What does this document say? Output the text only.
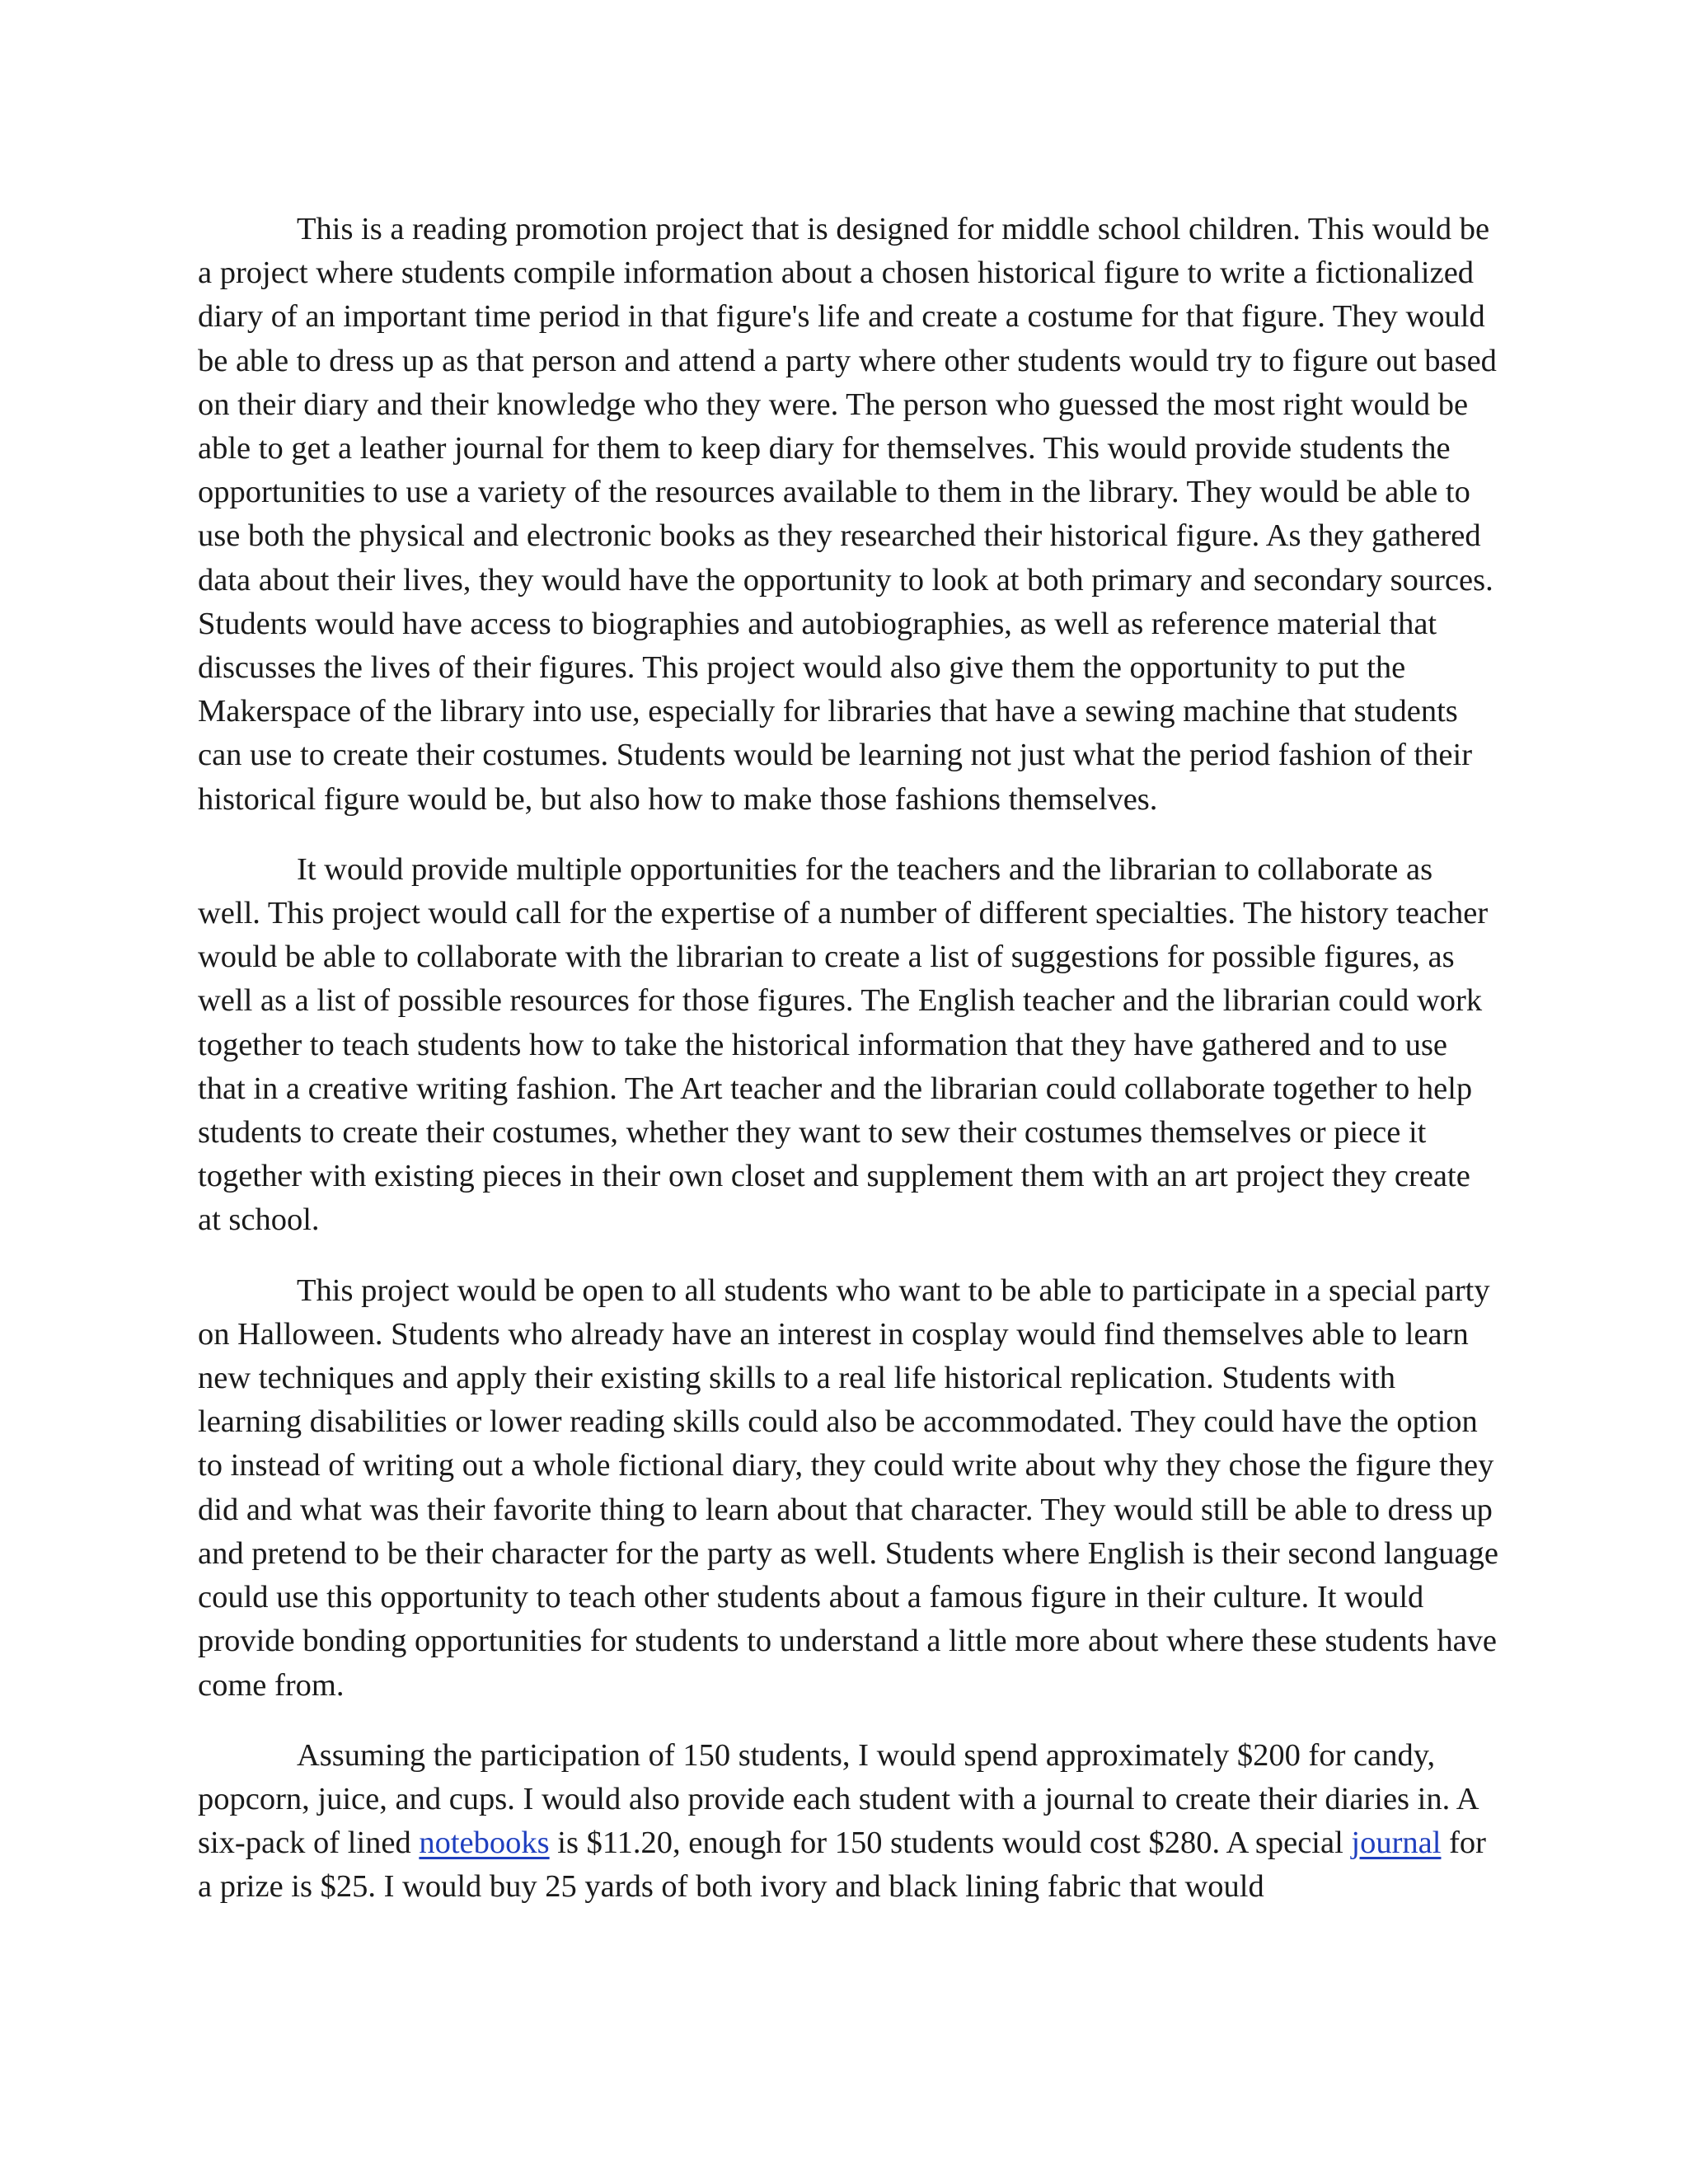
This is a reading promotion project that is designed for middle school children. This would be a project where students compile information about a chosen historical figure to write a fictionalized diary of an important time period in that figure's life and create a costume for that figure. They would be able to dress up as that person and attend a party where other students would try to figure out based on their diary and their knowledge who they were. The person who guessed the most right would be able to get a leather journal for them to keep diary for themselves. This would provide students the opportunities to use a variety of the resources available to them in the library. They would be able to use both the physical and electronic books as they researched their historical figure. As they gathered data about their lives, they would have the opportunity to look at both primary and secondary sources. Students would have access to biographies and autobiographies, as well as reference material that discusses the lives of their figures. This project would also give them the opportunity to put the Makerspace of the library into use, especially for libraries that have a sewing machine that students can use to create their costumes. Students would be learning not just what the period fashion of their historical figure would be, but also how to make those fashions themselves.

It would provide multiple opportunities for the teachers and the librarian to collaborate as well. This project would call for the expertise of a number of different specialties. The history teacher would be able to collaborate with the librarian to create a list of suggestions for possible figures, as well as a list of possible resources for those figures. The English teacher and the librarian could work together to teach students how to take the historical information that they have gathered and to use that in a creative writing fashion. The Art teacher and the librarian could collaborate together to help students to create their costumes, whether they want to sew their costumes themselves or piece it together with existing pieces in their own closet and supplement them with an art project they create at school.

This project would be open to all students who want to be able to participate in a special party on Halloween. Students who already have an interest in cosplay would find themselves able to learn new techniques and apply their existing skills to a real life historical replication. Students with learning disabilities or lower reading skills could also be accommodated. They could have the option to instead of writing out a whole fictional diary, they could write about why they chose the figure they did and what was their favorite thing to learn about that character. They would still be able to dress up and pretend to be their character for the party as well. Students where English is their second language could use this opportunity to teach other students about a famous figure in their culture. It would provide bonding opportunities for students to understand a little more about where these students have come from.

Assuming the participation of 150 students, I would spend approximately $200 for candy, popcorn, juice, and cups. I would also provide each student with a journal to create their diaries in. A six-pack of lined notebooks is $11.20, enough for 150 students would cost $280. A special journal for a prize is $25. I would buy 25 yards of both ivory and black lining fabric that would
